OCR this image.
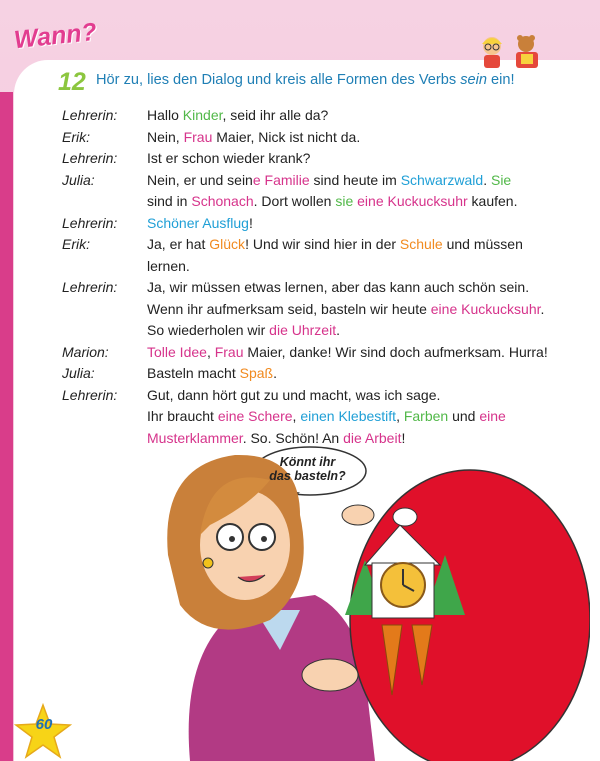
Wann?
12 Hör zu, lies den Dialog und kreis alle Formen des Verbs sein ein!
Lehrerin:	Hallo Kinder, seid ihr alle da?
Erik:	Nein, Frau Maier, Nick ist nicht da.
Lehrerin:	Ist er schon wieder krank?
Julia:	Nein, er und seine Familie sind heute im Schwarzwald. Sie
sind in Schonach. Dort wollen sie eine Kuckucksuhr kaufen.
Lehrerin:	Schöner Ausflug!
Erik:	Ja, er hat Glück! Und wir sind hier in der Schule und müssen
lernen.
Lehrerin:	Ja, wir müssen etwas lernen, aber das kann auch schön sein.
Wenn ihr aufmerksam seid, basteln wir heute eine Kuckucksuhr.
So wiederholen wir die Uhrzeit.
Marion:	Tolle Idee, Frau Maier, danke! Wir sind doch aufmerksam. Hurra!
Julia:	Basteln macht Spaß.
Lehrerin:	Gut, dann hört gut zu und macht, was ich sage.
Ihr braucht eine Schere, einen Klebestift, Farben und eine
Musterklammer. So. Schön! An die Arbeit!
Könnt ihr
das basteln?
60
